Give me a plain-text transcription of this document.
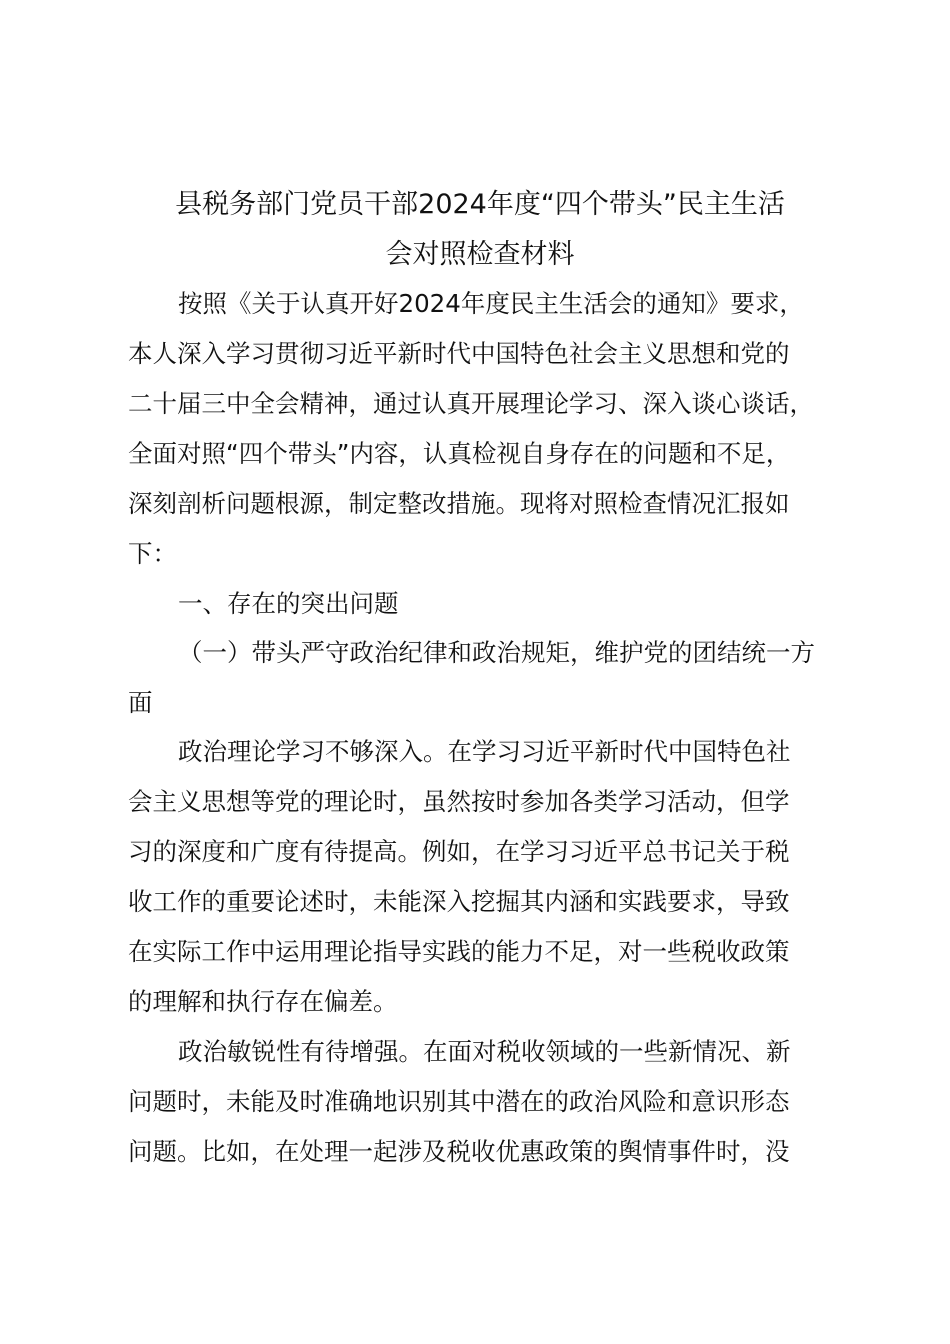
县税务部门党员干部2024年度“四个带头”民主生活
会对照检查材料

按照《关于认真开好2024年度民主生活会的通知》要求，

本人深入学习贯彻习近平新时代中国特色社会主义思想和党的

二十届三中全会精神，通过认真开展理论学习、深入谈心谈话，

全面对照“四个带头”内容，认真检视自身存在的问题和不足，

深刻剖析问题根源，制定整改措施。现将对照检查情况汇报如

下：

一、存在的突出问题

（一）带头严守政治纪律和政治规矩，维护党的团结统一方

面

政治理论学习不够深入。在学习习近平新时代中国特色社

会主义思想等党的理论时，虽然按时参加各类学习活动，但学

习的深度和广度有待提高。例如，在学习习近平总书记关于税

收工作的重要论述时，未能深入挖掘其内涵和实践要求，导致

在实际工作中运用理论指导实践的能力不足，对一些税收政策

的理解和执行存在偏差。

政治敏锐性有待增强。在面对税收领域的一些新情况、新

问题时，未能及时准确地识别其中潜在的政治风险和意识形态

问题。比如，在处理一起涉及税收优惠政策的舆情事件时，没
